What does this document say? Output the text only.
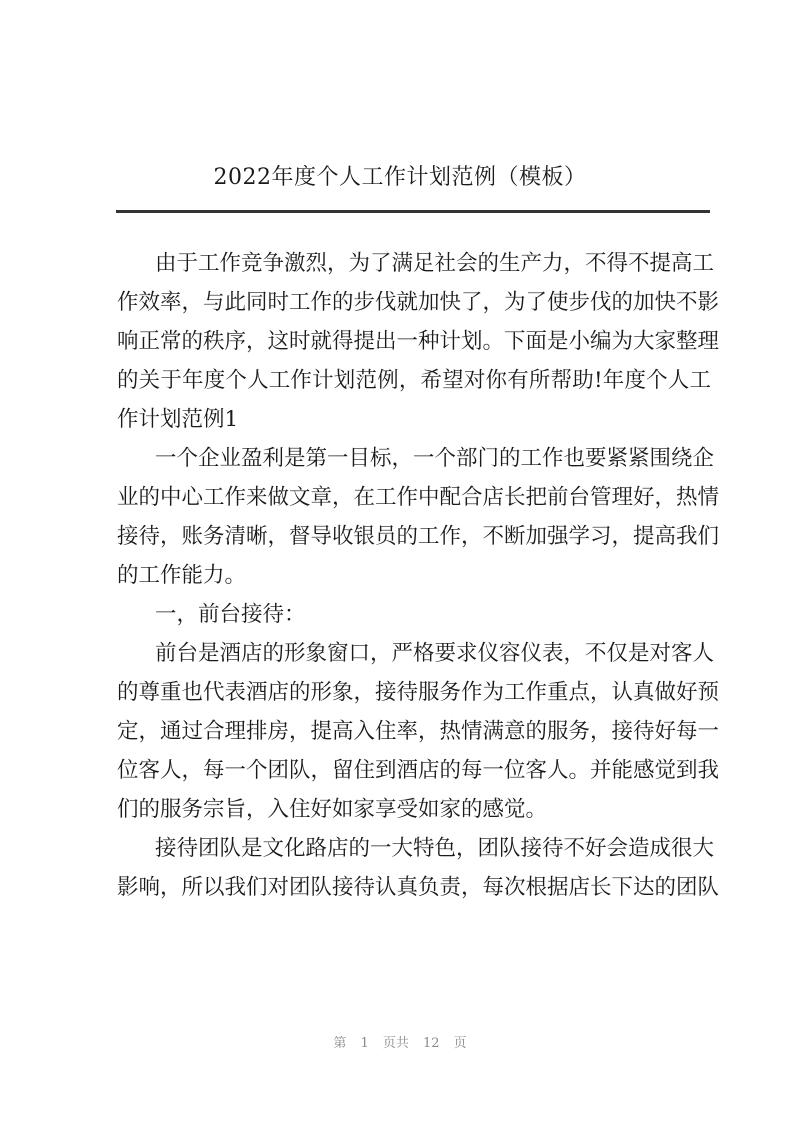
2022年度个人工作计划范例（模板）
由于工作竞争激烈，为了满足社会的生产力，不得不提高工
作效率，与此同时工作的步伐就加快了，为了使步伐的加快不影
响正常的秩序，这时就得提出一种计划。下面是小编为大家整理
的关于年度个人工作计划范例，希望对你有所帮助!年度个人工
作计划范例1
一个企业盈利是第一目标，一个部门的工作也要紧紧围绕企
业的中心工作来做文章，在工作中配合店长把前台管理好，热情
接待，账务清晰，督导收银员的工作，不断加强学习，提高我们
的工作能力。
一，前台接待：
前台是酒店的形象窗口，严格要求仪容仪表，不仅是对客人
的尊重也代表酒店的形象，接待服务作为工作重点，认真做好预
定，通过合理排房，提高入住率，热情满意的服务，接待好每一
位客人，每一个团队，留住到酒店的每一位客人。并能感觉到我
们的服务宗旨，入住好如家享受如家的感觉。
接待团队是文化路店的一大特色，团队接待不好会造成很大
影响，所以我们对团队接待认真负责，每次根据店长下达的团队
第 1 页共 12 页
